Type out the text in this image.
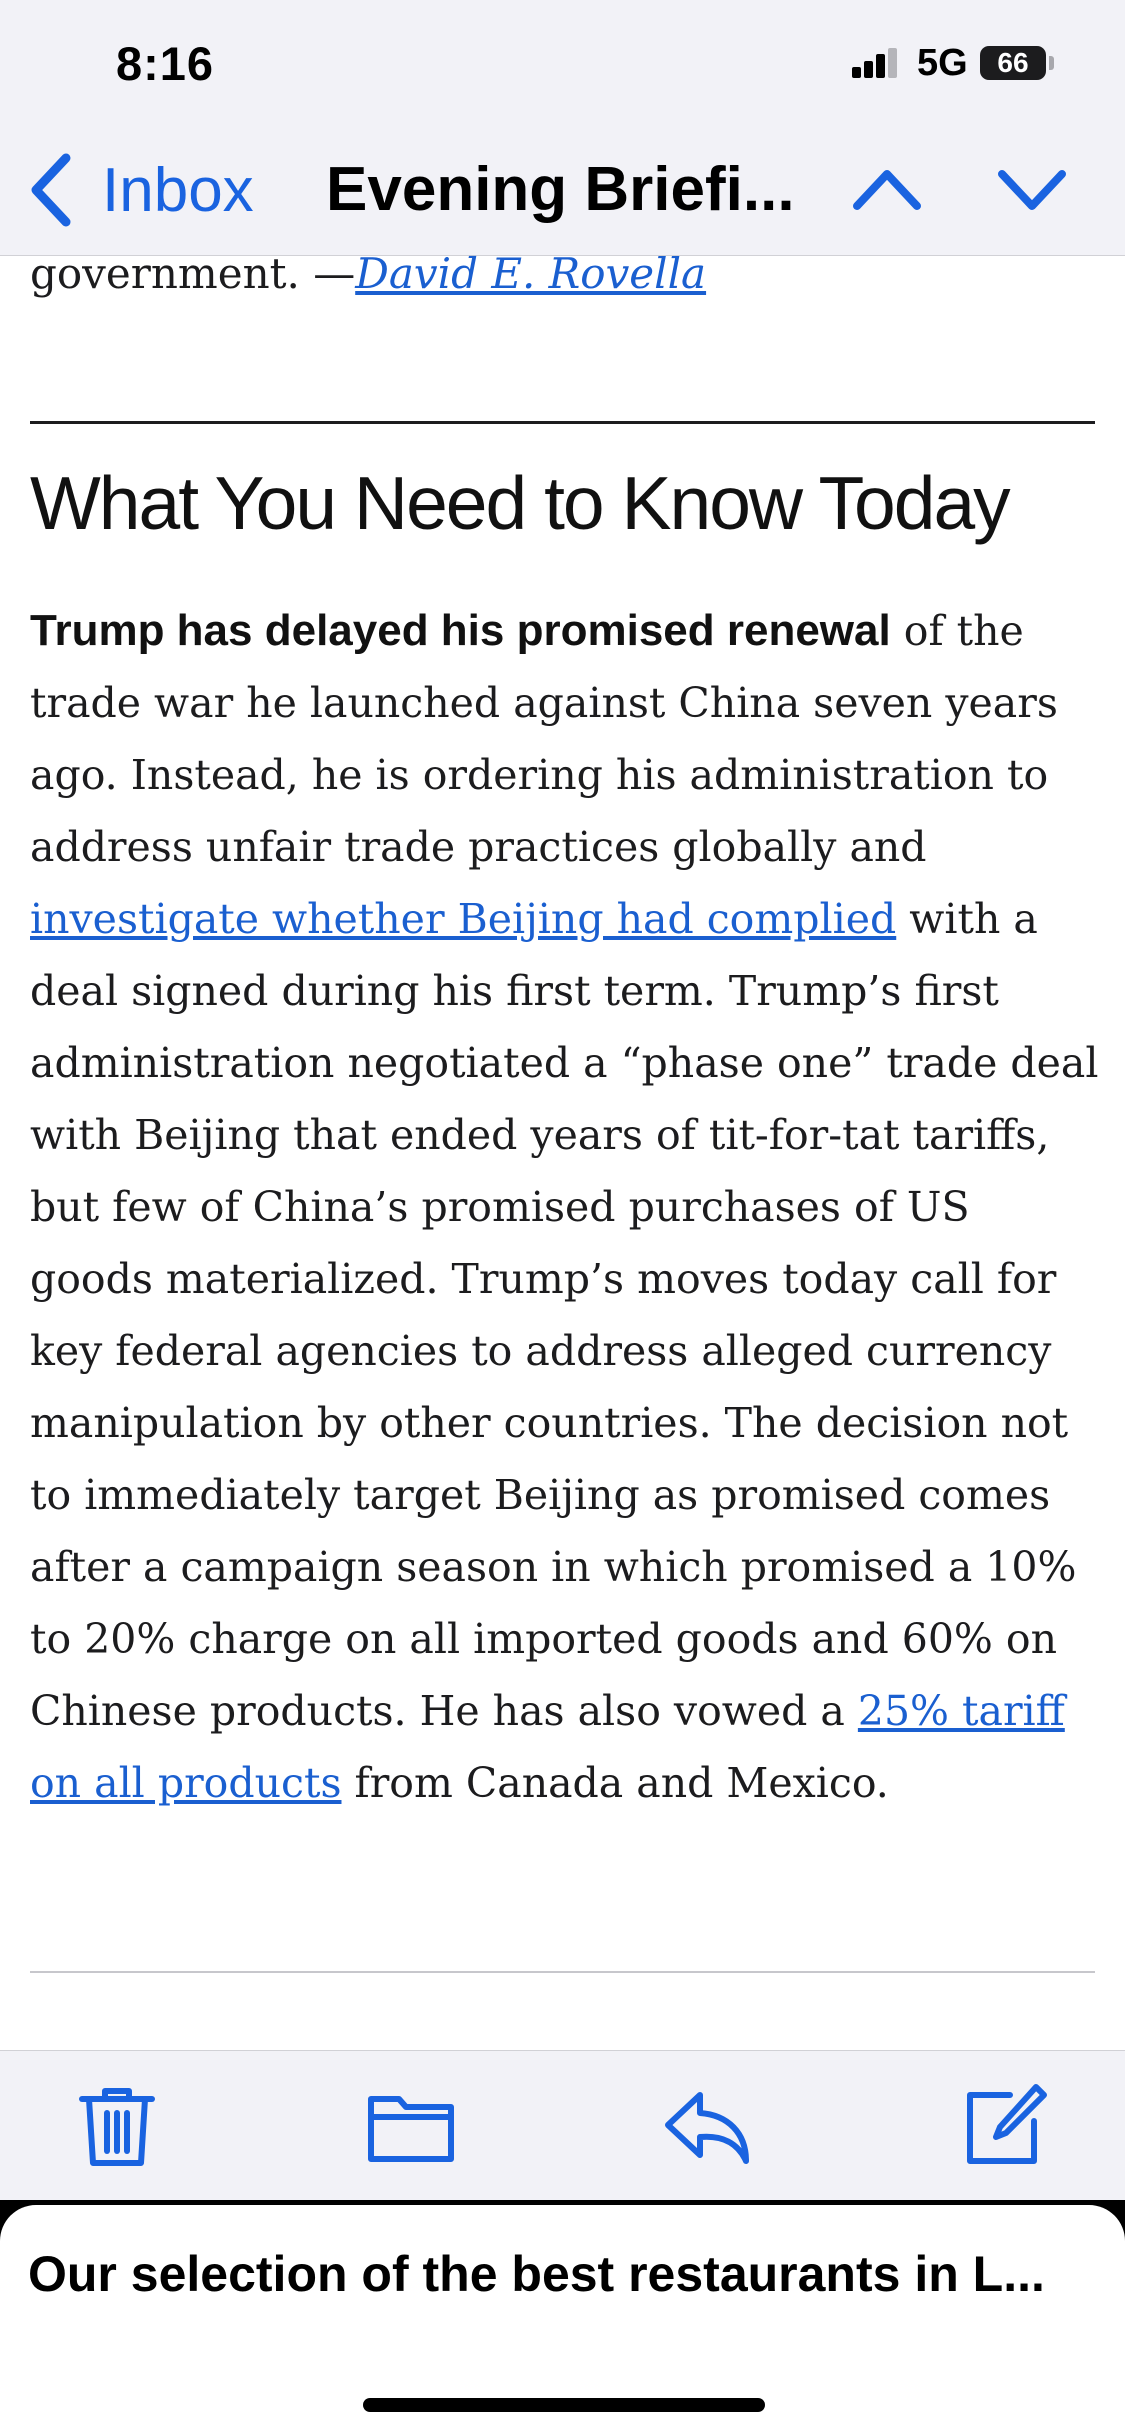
8:16	5G	66
Inbox Evening Briefi...
government. —David E. Rovella
What You Need to Know Today
Trump has delayed his promised renewal of the trade war he launched against China seven years ago. Instead, he is ordering his administration to address unfair trade practices globally and investigate whether Beijing had complied with a deal signed during his first term. Trump’s first administration negotiated a “phase one” trade deal with Beijing that ended years of tit-for-tat tariffs, but few of China’s promised purchases of US goods materialized. Trump’s moves today call for key federal agencies to address alleged currency manipulation by other countries. The decision not to immediately target Beijing as promised comes after a campaign season in which promised a 10% to 20% charge on all imported goods and 60% on Chinese products. He has also vowed a 25% tariff on all products from Canada and Mexico.
Our selection of the best restaurants in L...
